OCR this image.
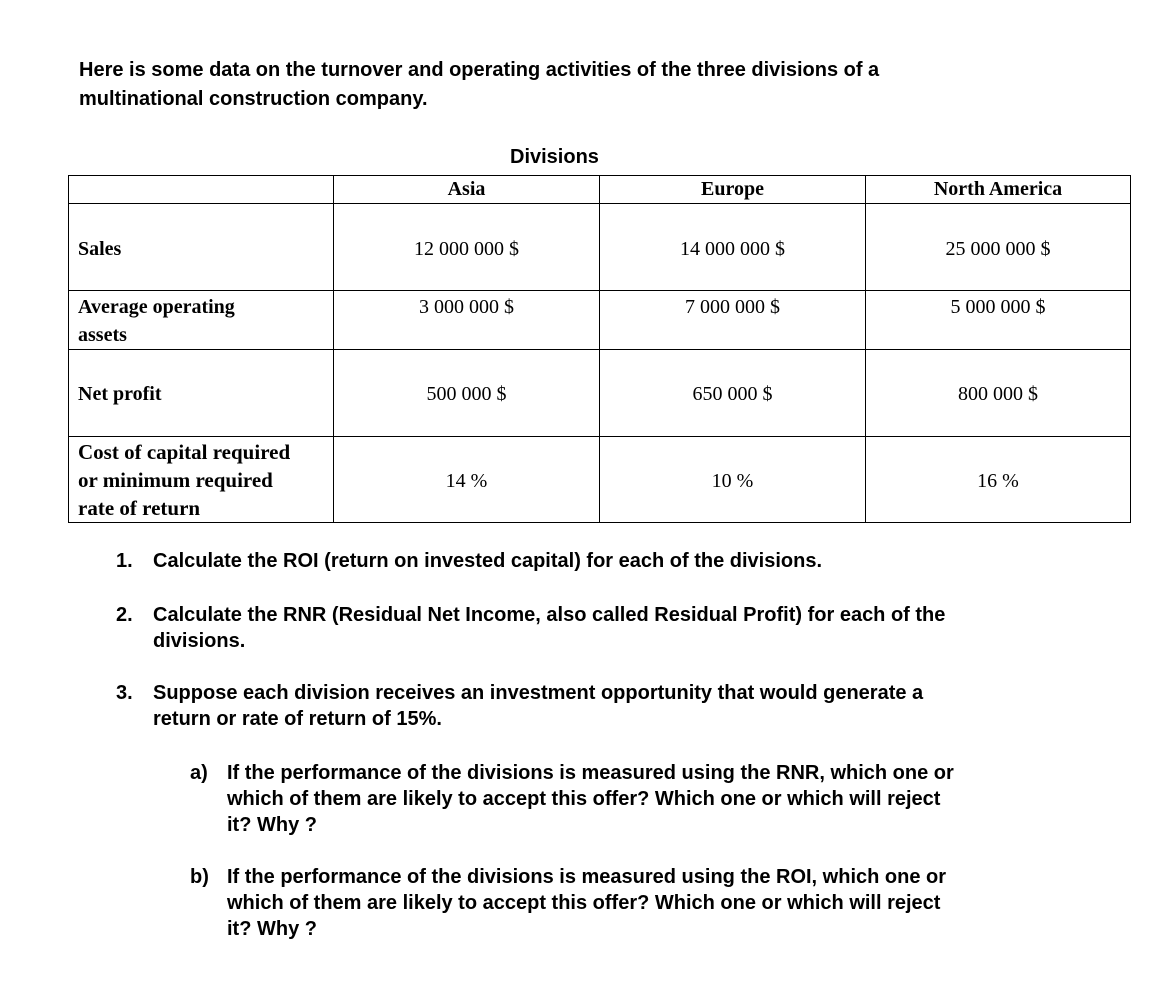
Here is some data on the turnover and operating activities of the three divisions of a
multinational construction company.
Divisions
	Asia	Europe	North America

Sales	12 000 000 $	14 000 000 $	25 000 000 $

Average operating
assets	3 000 000 $	7 000 000 $	5 000 000 $

Net profit	500 000 $	650 000 $	800 000 $

Cost of capital required
or minimum required
rate of return	14 %	10 %	16 %
1. Calculate the ROI (return on invested capital) for each of the divisions.
2. Calculate the RNR (Residual Net Income, also called Residual Profit) for each of the
divisions.
3. Suppose each division receives an investment opportunity that would generate a
return or rate of return of 15%.
a) If the performance of the divisions is measured using the RNR, which one or
which of them are likely to accept this offer? Which one or which will reject
it? Why ?
b) If the performance of the divisions is measured using the ROI, which one or
which of them are likely to accept this offer? Which one or which will reject
it? Why ?
